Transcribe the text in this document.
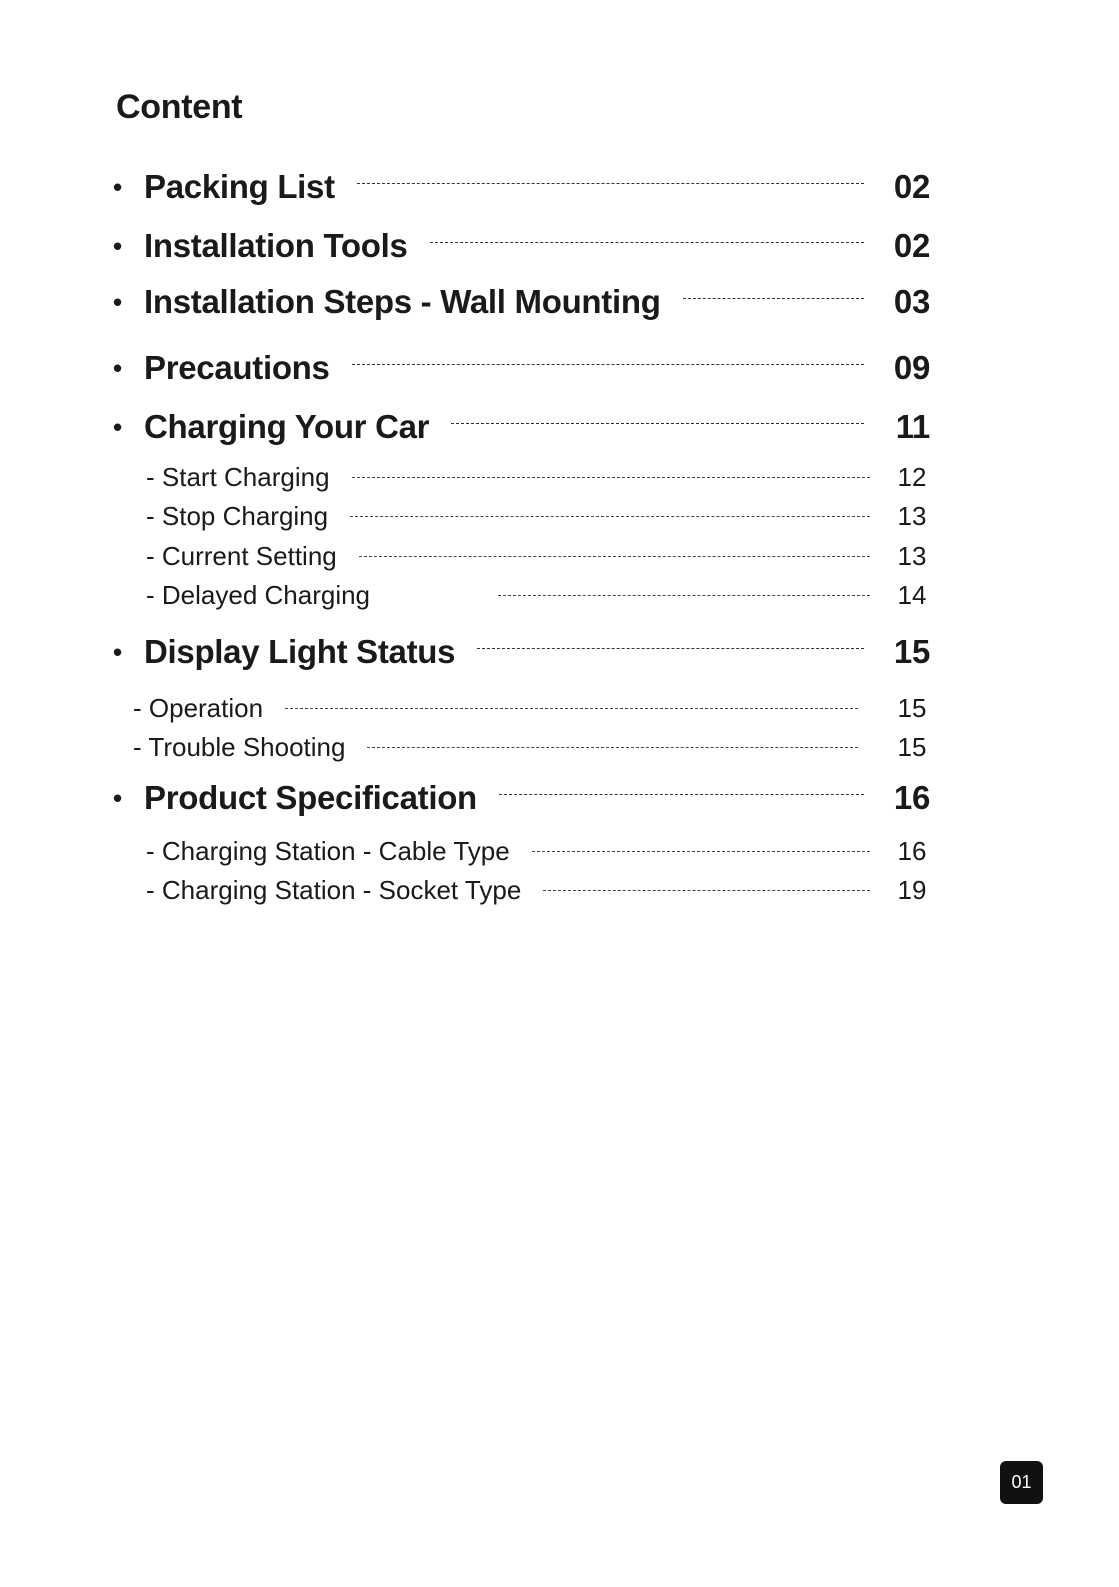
Content
• Packing List	02
• Installation Tools	02
• Installation Steps - Wall Mounting	03
• Precautions	09
• Charging Your Car	11
- Start Charging	12
- Stop Charging	13
- Current Setting	13
- Delayed Charging	14
• Display Light Status	15
- Operation	15
- Trouble Shooting	15
• Product Specification	16
- Charging Station - Cable Type	16
- Charging Station - Socket Type	19
01
